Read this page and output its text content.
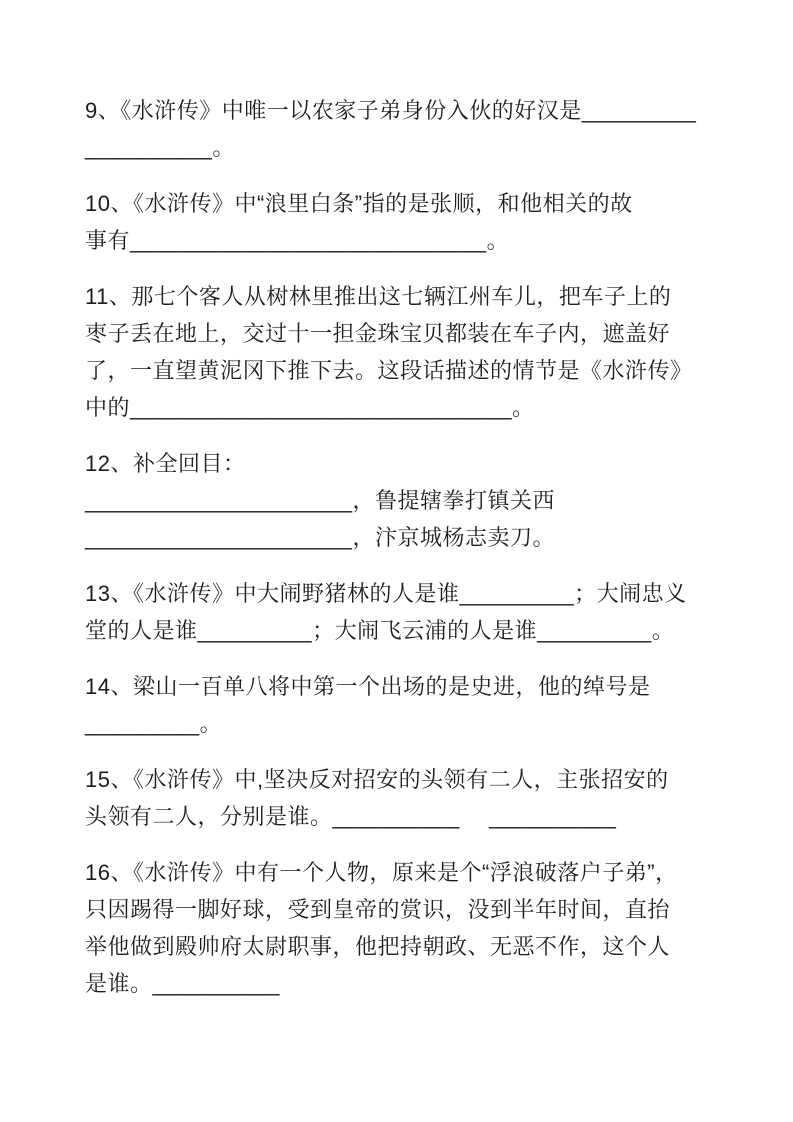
9、《水浒传》中唯一以农家子弟身份入伙的好汉是_________
__________。
10、《水浒传》中“浪里白条”指的是张顺，和他相关的故
事有____________________________。
11、那七个客人从树林里推出这七辆江州车儿，把车子上的
枣子丢在地上，交过十一担金珠宝贝都装在车子内，遮盖好
了，一直望黄泥冈下推下去。这段话描述的情节是《水浒传》
中的______________________________。
12、补全回目：
_____________________，鲁提辖拳打镇关西
_____________________，汴京城杨志卖刀。
13、《水浒传》中大闹野猪林的人是谁_________；大闹忠义
堂的人是谁_________；大闹飞云浦的人是谁_________。
14、梁山一百单八将中第一个出场的是史进，他的绰号是
_________。
15、《水浒传》中,坚决反对招安的头领有二人，主张招安的
头领有二人，分别是谁。__________　 __________
16、《水浒传》中有一个人物，原来是个“浮浪破落户子弟”，
只因踢得一脚好球，受到皇帝的赏识，没到半年时间，直抬
举他做到殿帅府太尉职事，他把持朝政、无恶不作，这个人
是谁。__________
